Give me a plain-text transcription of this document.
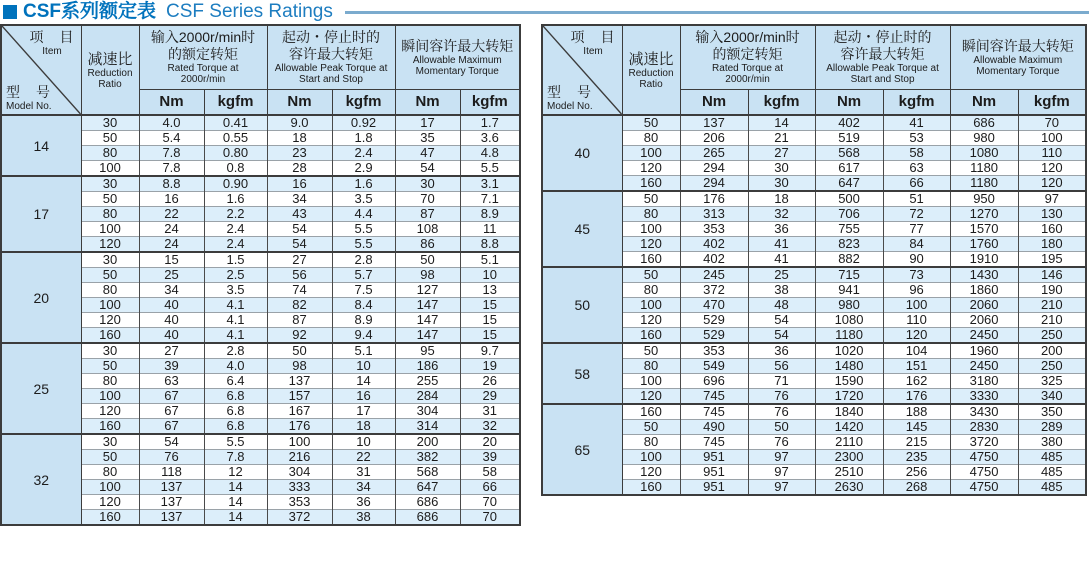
CSF系列额定表 CSF Series Ratings
项　目
Item
型　号
Model No.

减速比
Reduction
Ratio

输入2000r/min时
的额定转矩
Rated Torque at
2000r/min

起动・停止时的
容许最大转矩
Allowable Peak Torque at
Start and Stop

瞬间容许最大转矩
Allowable Maximum
Momentary Torque

		Nm	kgfm	Nm	kgfm	Nm	kgfm
14	30	4.0	0.41	9.0	0.92	17	1.7
	50	5.4	0.55	18	1.8	35	3.6
	80	7.8	0.80	23	2.4	47	4.8
	100	7.8	0.8	28	2.9	54	5.5
17	30	8.8	0.90	16	1.6	30	3.1
	50	16	1.6	34	3.5	70	7.1
	80	22	2.2	43	4.4	87	8.9
	100	24	2.4	54	5.5	108	11
	120	24	2.4	54	5.5	86	8.8
20	30	15	1.5	27	2.8	50	5.1
	50	25	2.5	56	5.7	98	10
	80	34	3.5	74	7.5	127	13
	100	40	4.1	82	8.4	147	15
	120	40	4.1	87	8.9	147	15
	160	40	4.1	92	9.4	147	15
25	30	27	2.8	50	5.1	95	9.7
	50	39	4.0	98	10	186	19
	80	63	6.4	137	14	255	26
	100	67	6.8	157	16	284	29
	120	67	6.8	167	17	304	31
	160	67	6.8	176	18	314	32
32	30	54	5.5	100	10	200	20
	50	76	7.8	216	22	382	39
	80	118	12	304	31	568	58
	100	137	14	333	34	647	66
	120	137	14	353	36	686	70
	160	137	14	372	38	686	70
项　目
Item
型　号
Model No.

减速比
Reduction
Ratio

输入2000r/min时
的额定转矩
Rated Torque at
2000r/min

起动・停止时的
容许最大转矩
Allowable Peak Torque at
Start and Stop

瞬间容许最大转矩
Allowable Maximum
Momentary Torque

		Nm	kgfm	Nm	kgfm	Nm	kgfm
40	50	137	14	402	41	686	70
	80	206	21	519	53	980	100
	100	265	27	568	58	1080	110
	120	294	30	617	63	1180	120
	160	294	30	647	66	1180	120
45	50	176	18	500	51	950	97
	80	313	32	706	72	1270	130
	100	353	36	755	77	1570	160
	120	402	41	823	84	1760	180
	160	402	41	882	90	1910	195
50	50	245	25	715	73	1430	146
	80	372	38	941	96	1860	190
	100	470	48	980	100	2060	210
	120	529	54	1080	110	2060	210
	160	529	54	1180	120	2450	250
58	50	353	36	1020	104	1960	200
	80	549	56	1480	151	2450	250
	100	696	71	1590	162	3180	325
	120	745	76	1720	176	3330	340
65	160	745	76	1840	188	3430	350
	50	490	50	1420	145	2830	289
	80	745	76	2110	215	3720	380
	100	951	97	2300	235	4750	485
	120	951	97	2510	256	4750	485
	160	951	97	2630	268	4750	485
